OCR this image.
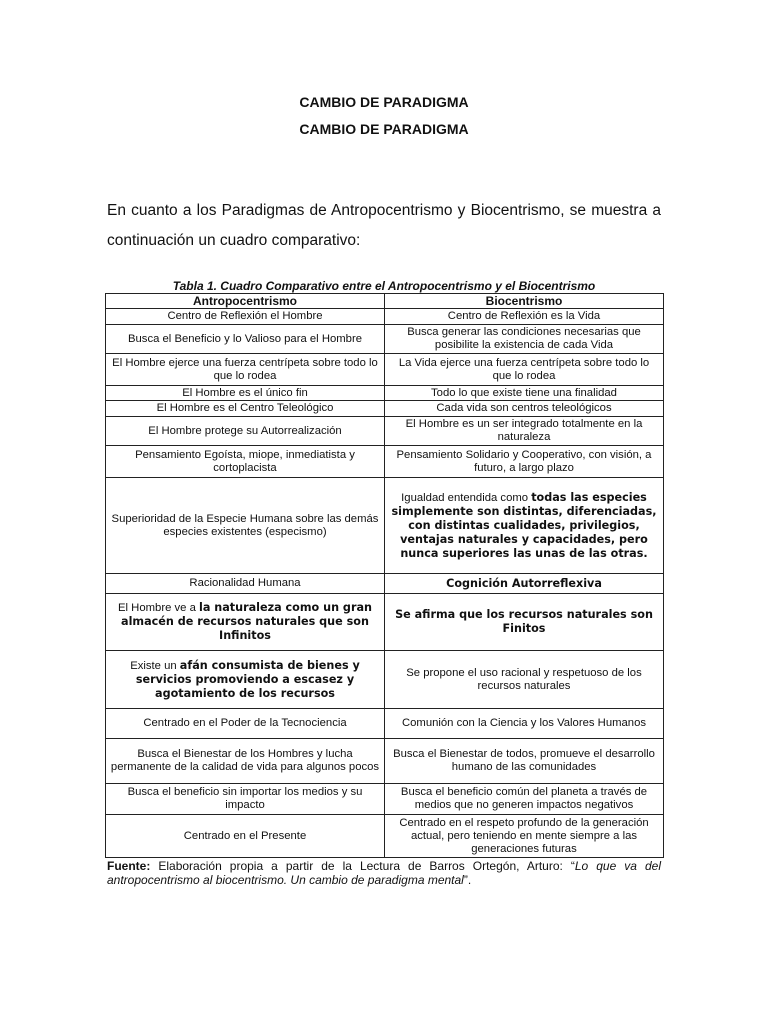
CAMBIO DE PARADIGMA
CAMBIO DE PARADIGMA
En cuanto a los Paradigmas de Antropocentrismo y Biocentrismo, se muestra a continuación un cuadro comparativo:
Tabla 1. Cuadro Comparativo entre el Antropocentrismo y el Biocentrismo
Antropocentrismo	Biocentrismo
Centro de Reflexión el Hombre	Centro de Reflexión es la Vida
Busca el Beneficio y lo Valioso para el Hombre	Busca generar las condiciones necesarias que posibilite la existencia de cada Vida
El Hombre ejerce una fuerza centrípeta sobre todo lo que lo rodea	La Vida ejerce una fuerza centrípeta sobre todo lo que lo rodea
El Hombre es el único fin	Todo lo que existe tiene una finalidad
El Hombre es el Centro Teleológico	Cada vida son centros teleológicos
El Hombre protege su Autorrealización	El Hombre es un ser integrado totalmente en la naturaleza
Pensamiento Egoísta, miope, inmediatista y cortoplacista	Pensamiento Solidario y Cooperativo, con visión, a futuro, a largo plazo
Superioridad de la Especie Humana sobre las demás especies existentes (especismo)	Igualdad entendida como todas las especies simplemente son distintas, diferenciadas, con distintas cualidades, privilegios, ventajas naturales y capacidades, pero nunca superiores las unas de las otras.
Racionalidad Humana	Cognición Autorreflexiva
El Hombre ve a la naturaleza como un gran almacén de recursos naturales que son Infinitos	Se afirma que los recursos naturales son Finitos
Existe un afán consumista de bienes y servicios promoviendo a escasez y agotamiento de los recursos	Se propone el uso racional y respetuoso de los recursos naturales
Centrado en el Poder de la Tecnociencia	Comunión con la Ciencia y los Valores Humanos
Busca el Bienestar de los Hombres y lucha permanente de la calidad de vida para algunos pocos	Busca el Bienestar de todos, promueve el desarrollo humano de las comunidades
Busca el beneficio sin importar los medios y su impacto	Busca el beneficio común del planeta a través de medios que no generen impactos negativos
Centrado en el Presente	Centrado en el respeto profundo de la generación actual, pero teniendo en mente siempre a las generaciones futuras
Fuente: Elaboración propia a partir de la Lectura de Barros Ortegón, Arturo: “Lo que va del antropocentrismo al biocentrismo. Un cambio de paradigma mental”.
